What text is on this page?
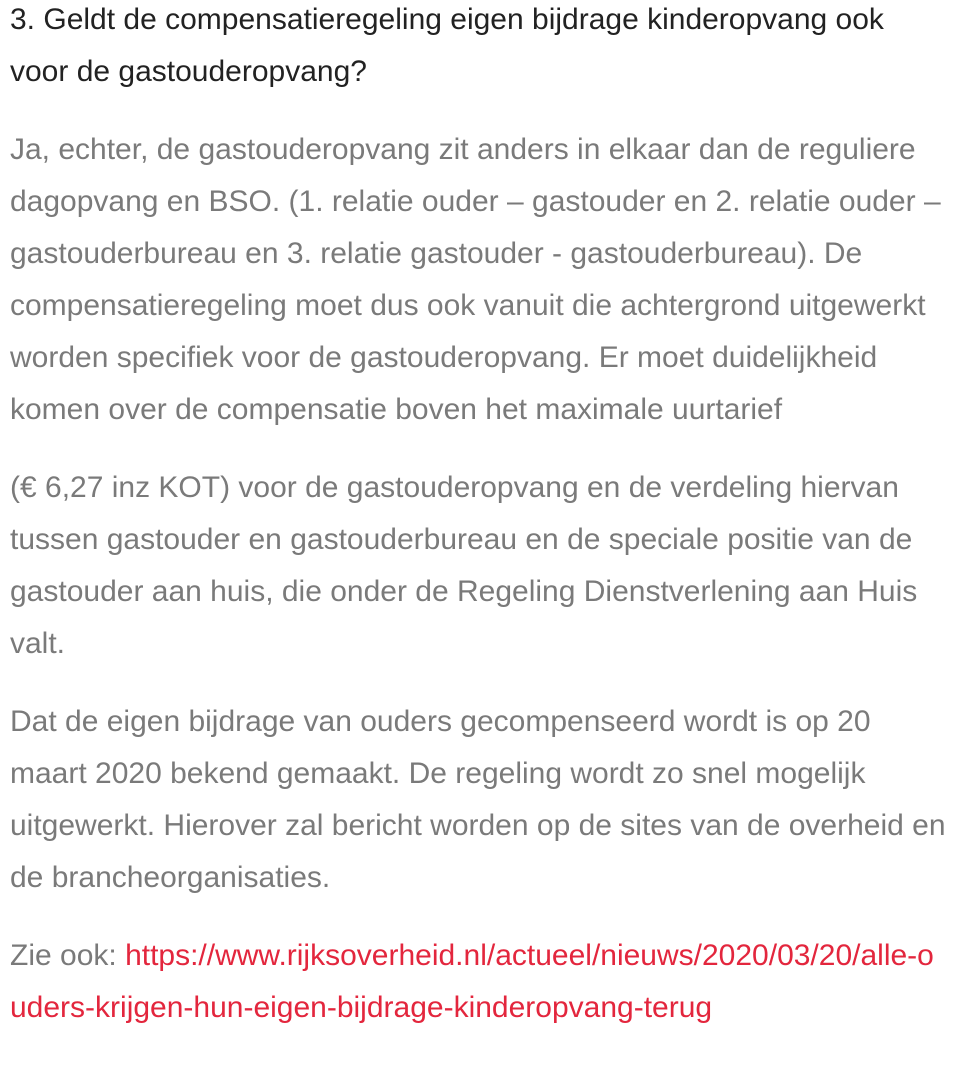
3. Geldt de compensatieregeling eigen bijdrage kinderopvang ook voor de gastouderopvang?

Ja, echter, de gastouderopvang zit anders in elkaar dan de reguliere dagopvang en BSO. (1. relatie ouder – gastouder en 2. relatie ouder – gastouderbureau en 3. relatie gastouder - gastouderbureau). De compensatieregeling moet dus ook vanuit die achtergrond uitgewerkt worden specifiek voor de gastouderopvang. Er moet duidelijkheid komen over de compensatie boven het maximale uurtarief

(€ 6,27 inz KOT) voor de gastouderopvang en de verdeling hiervan tussen gastouder en gastouderbureau en de speciale positie van de gastouder aan huis, die onder de Regeling Dienstverlening aan Huis valt.

Dat de eigen bijdrage van ouders gecompenseerd wordt is op 20 maart 2020 bekend gemaakt. De regeling wordt zo snel mogelijk uitgewerkt. Hierover zal bericht worden op de sites van de overheid en de brancheorganisaties.

Zie ook: https://www.rijksoverheid.nl/actueel/nieuws/2020/03/20/alle-ouders-krijgen-hun-eigen-bijdrage-kinderopvang-terug
